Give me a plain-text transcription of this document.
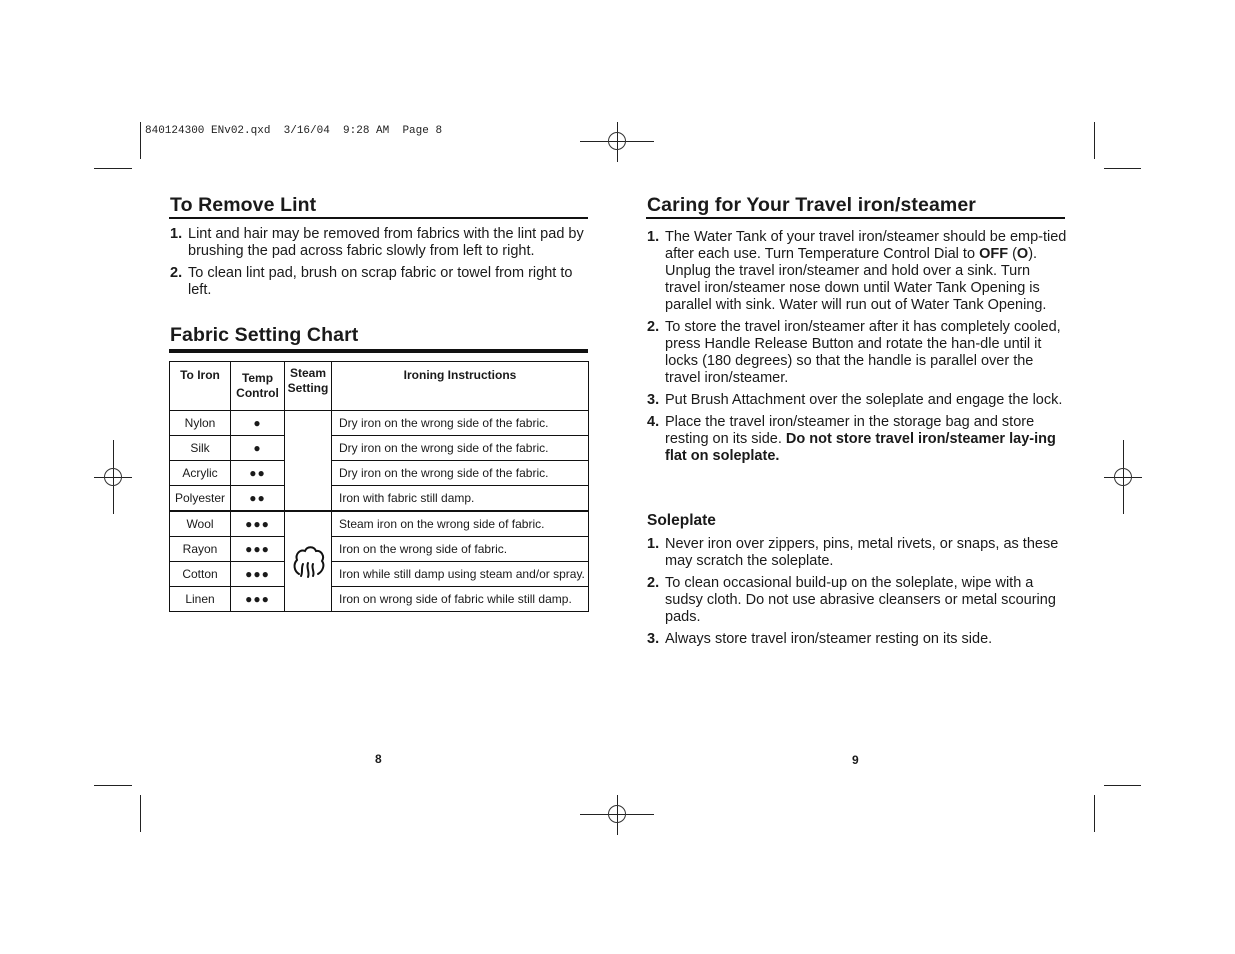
840124300 ENv02.qxd  3/16/04  9:28 AM  Page 8
To Remove Lint
1. Lint and hair may be removed from fabrics with the lint pad by brushing the pad across fabric slowly from left to right.
2. To clean lint pad, brush on scrap fabric or towel from right to left.
Fabric Setting Chart
To Iron	Temp Control	Steam Setting	Ironing Instructions
Nylon	●		Dry iron on the wrong side of the fabric.
Silk	●		Dry iron on the wrong side of the fabric.
Acrylic	●●		Dry iron on the wrong side of the fabric.
Polyester	●●		Iron with fabric still damp.
Wool	●●●		Steam iron on the wrong side of fabric.
Rayon	●●●		Iron on the wrong side of fabric.
Cotton	●●●		Iron while still damp using steam and/or spray.
Linen	●●●		Iron on wrong side of fabric while still damp.
8
Caring for Your Travel iron/steamer
1. The Water Tank of your travel iron/steamer should be emp-tied after each use. Turn Temperature Control Dial to OFF (O). Unplug the travel iron/steamer and hold over a sink. Turn travel iron/steamer nose down until Water Tank Opening is parallel with sink. Water will run out of Water Tank Opening.
2. To store the travel iron/steamer after it has completely cooled, press Handle Release Button and rotate the han-dle until it locks (180 degrees) so that the handle is parallel over the travel iron/steamer.
3. Put Brush Attachment over the soleplate and engage the lock.
4. Place the travel iron/steamer in the storage bag and store resting on its side. Do not store travel iron/steamer lay-ing flat on soleplate.
Soleplate
1. Never iron over zippers, pins, metal rivets, or snaps, as these may scratch the soleplate.
2. To clean occasional build-up on the soleplate, wipe with a sudsy cloth. Do not use abrasive cleansers or metal scouring pads.
3. Always store travel iron/steamer resting on its side.
9
